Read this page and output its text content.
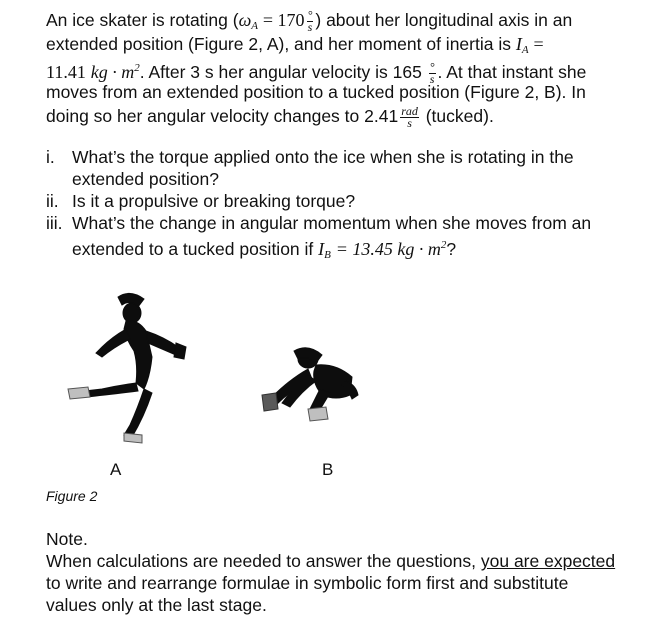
An ice skater is rotating ($\omega_A = 170 \frac{^\circ}{s}$ ) about her longitudinal axis in an
extended position (Figure 2, A), and her moment of inertia is $I_A$ =
11.41 kg · $m^2$. After 3 s her angular velocity is $165 \frac{^\circ}{s}$ . At that instant she
moves from an extended position to a tucked position (Figure 2, B). In
doing so her angular velocity changes to $2.41 \frac{\text{rad}}{s}$ (tucked).
i. What’s the torque applied onto the ice when she is rotating in the
extended position?
ii. Is it a propulsive or breaking torque?
iii. What’s the change in angular momentum when she moves from an
extended to a tucked position if $I_B = 13.45$ kg · $m^2$?
A	B
Figure 2
Note.
When calculations are needed to answer the questions, you are expected
to write and rearrange formulae in symbolic form first and substitute
values only at the last stage.
